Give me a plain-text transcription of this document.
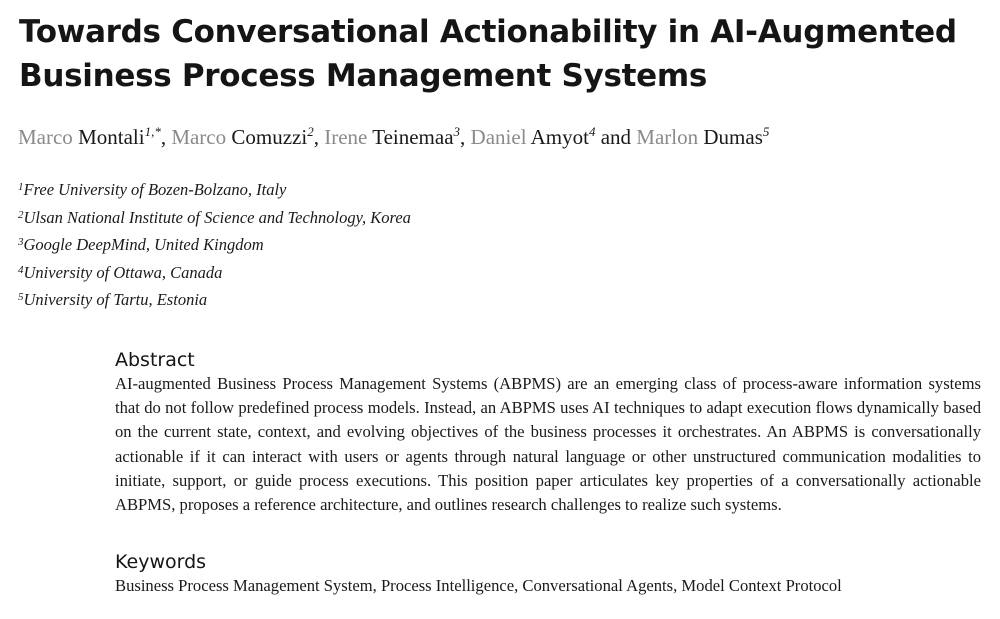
Towards Conversational Actionability in AI-Augmented
Business Process Management Systems
Marco Montali$^{1,*}$, Marco Comuzzi$^2$, Irene Teinemaa$^3$, Daniel Amyot$^4$ and Marlon Dumas$^5$
$^1$Free University of Bozen-Bolzano, Italy
$^2$Ulsan National Institute of Science and Technology, Korea
$^3$Google DeepMind, United Kingdom
$^4$University of Ottawa, Canada
$^5$University of Tartu, Estonia
Abstract

AI-augmented Business Process Management Systems (ABPMS) are an emerging class of process-aware information systems that do not follow predefined process models. Instead, an ABPMS uses AI techniques to adapt execution flows dynamically based on the current state, context, and evolving objectives of the business processes it orchestrates. An ABPMS is conversationally actionable if it can interact with users or agents through natural language or other unstructured communication modalities to initiate, support, or guide process executions. This position paper articulates key properties of a conversationally actionable ABPMS, proposes a reference architecture, and outlines research challenges to realize such systems.

Keywords

Business Process Management System, Process Intelligence, Conversational Agents, Model Context Protocol
